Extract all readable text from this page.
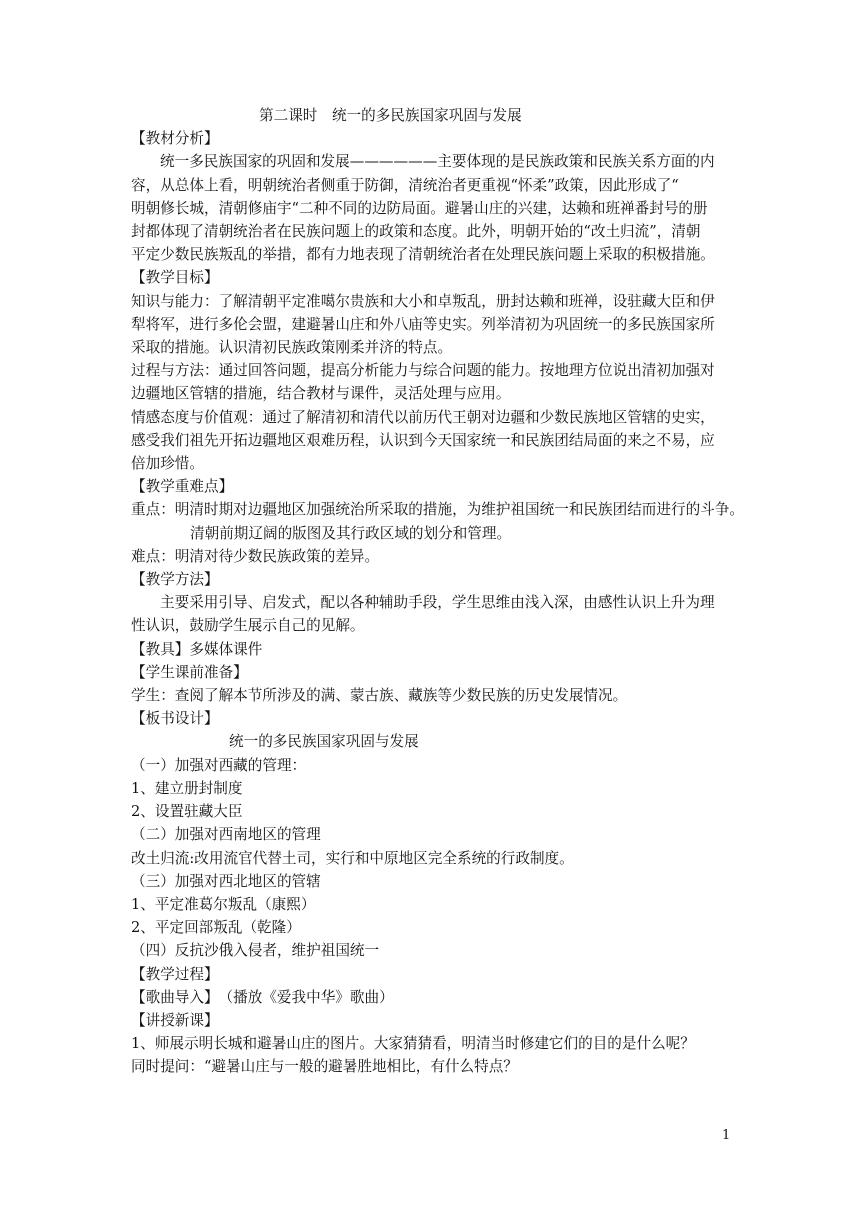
第二课时　统一的多民族国家巩固与发展
【教材分析】
统一多民族国家的巩固和发展——————主要体现的是民族政策和民族关系方面的内
容，从总体上看，明朝统治者侧重于防御，清统治者更重视“怀柔”政策，因此形成了“
明朝修长城，清朝修庙宇“二种不同的边防局面。避暑山庄的兴建，达赖和班禅番封号的册
封都体现了清朝统治者在民族问题上的政策和态度。此外，明朝开始的“改土归流”，清朝
平定少数民族叛乱的举措，都有力地表现了清朝统治者在处理民族问题上采取的积极措施。
【教学目标】
知识与能力：了解清朝平定准噶尔贵族和大小和卓叛乱，册封达赖和班禅，设驻藏大臣和伊
犁将军，进行多伦会盟，建避暑山庄和外八庙等史实。列举清初为巩固统一的多民族国家所
采取的措施。认识清初民族政策刚柔并济的特点。
过程与方法：通过回答问题，提高分析能力与综合问题的能力。按地理方位说出清初加强对
边疆地区管辖的措施，结合教材与课件，灵活处理与应用。
情感态度与价值观：通过了解清初和清代以前历代王朝对边疆和少数民族地区管辖的史实，
感受我们祖先开拓边疆地区艰难历程，认识到今天国家统一和民族团结局面的来之不易，应
倍加珍惜。
【教学重难点】
重点：明清时期对边疆地区加强统治所采取的措施，为维护祖国统一和民族团结而进行的斗争。
清朝前期辽阔的版图及其行政区域的划分和管理。
难点：明清对待少数民族政策的差异。
【教学方法】
主要采用引导、启发式，配以各种辅助手段，学生思维由浅入深，由感性认识上升为理
性认识，鼓励学生展示自己的见解。
【教具】多媒体课件
【学生课前准备】
学生：查阅了解本节所涉及的满、蒙古族、藏族等少数民族的历史发展情况。
【板书设计】
统一的多民族国家巩固与发展
（一）加强对西藏的管理：
1、建立册封制度
2、设置驻藏大臣
（二）加强对西南地区的管理
改土归流:改用流官代替土司，实行和中原地区完全系统的行政制度。
（三）加强对西北地区的管辖
1、平定准葛尔叛乱（康熙）
2、平定回部叛乱（乾隆）
（四）反抗沙俄入侵者，维护祖国统一
【教学过程】
【歌曲导入】　（播放《爱我中华》歌曲）
【讲授新课】
1、师展示明长城和避暑山庄的图片。大家猜猜看，明清当时修建它们的目的是什么呢？
同时提问：“避暑山庄与一般的避暑胜地相比，有什么特点？
1
